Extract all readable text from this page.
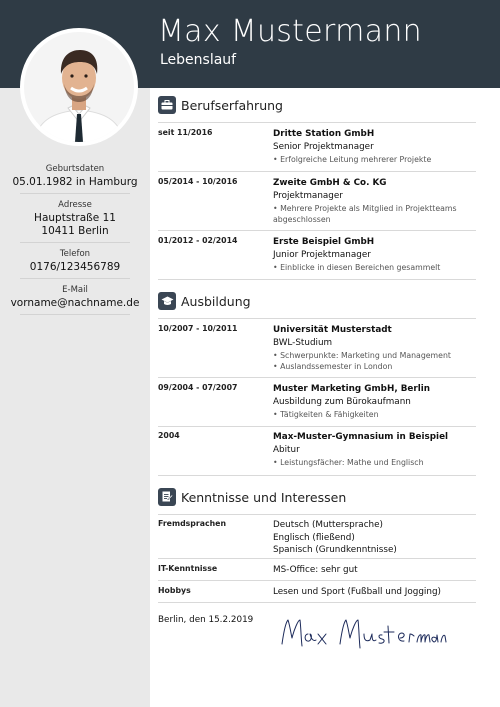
Max Mustermann
Lebenslauf
Geburtsdaten
05.01.1982 in Hamburg
Adresse
Hauptstraße 11
10411 Berlin
Telefon
0176/123456789
E-Mail
vorname@nachname.de
Berufserfahrung
seit 11/2016	Dritte Station GmbH
Senior Projektmanager
• Erfolgreiche Leitung mehrerer Projekte
05/2014 - 10/2016	Zweite GmbH & Co. KG
Projektmanager
• Mehrere Projekte als Mitglied in Projektteams
abgeschlossen
01/2012 - 02/2014	Erste Beispiel GmbH
Junior Projektmanager
• Einblicke in diesen Bereichen gesammelt
Ausbildung
10/2007 - 10/2011	Universität Musterstadt
BWL-Studium
• Schwerpunkte: Marketing und Management
• Auslandssemester in London
09/2004 - 07/2007	Muster Marketing GmbH, Berlin
Ausbildung zum Bürokaufmann
• Tätigkeiten & Fähigkeiten
2004	Max-Muster-Gymnasium in Beispiel
Abitur
• Leistungsfächer: Mathe und Englisch
Kenntnisse und Interessen
Fremdsprachen	Deutsch (Muttersprache)
Englisch (fließend)
Spanisch (Grundkenntnisse)
IT-Kenntnisse	MS-Office: sehr gut
Hobbys	Lesen und Sport (Fußball und Jogging)
Berlin, den 15.2.2019
